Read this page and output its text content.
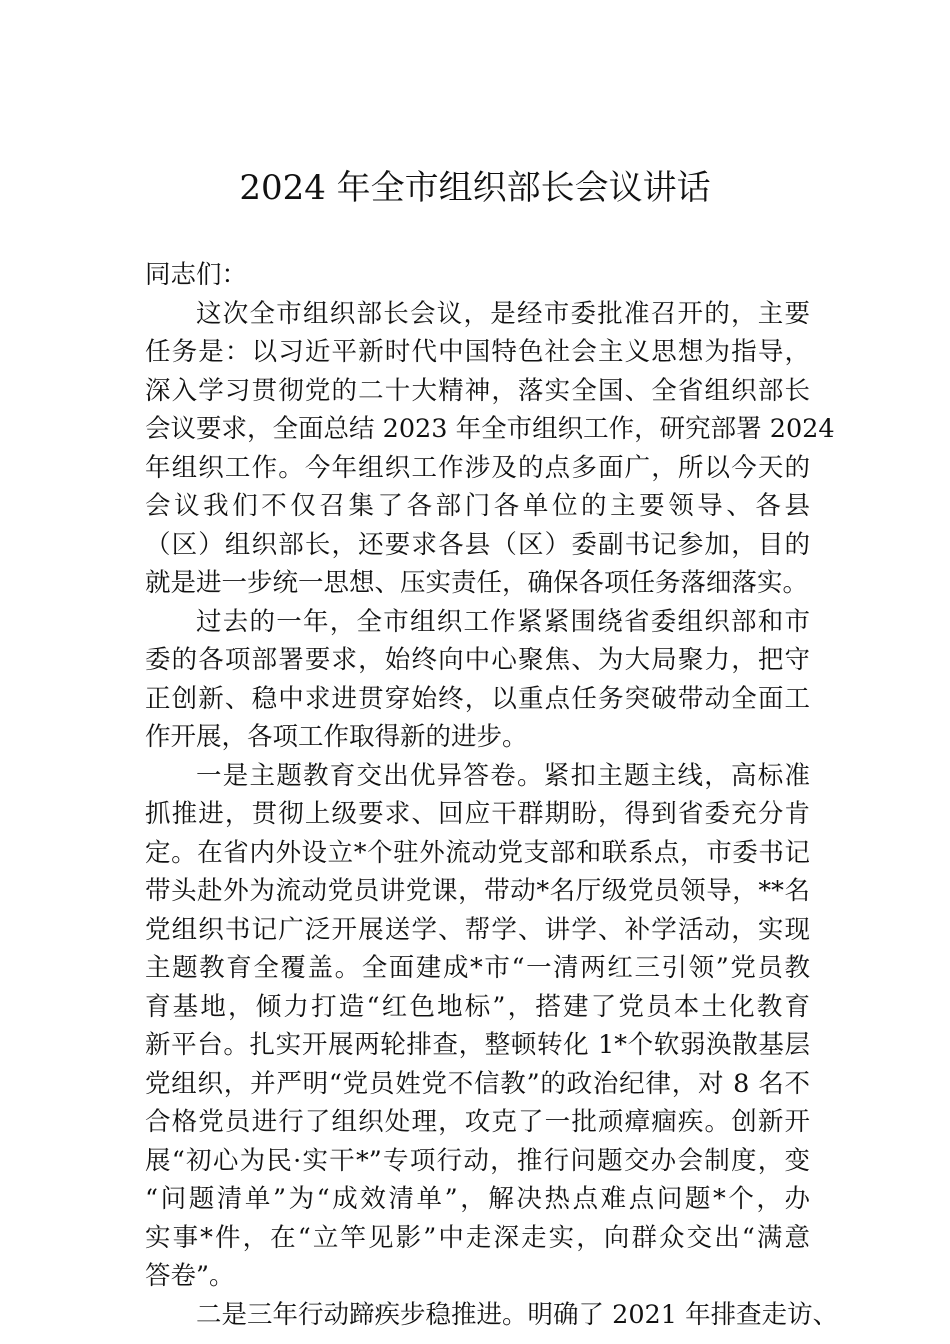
2024 年全市组织部长会议讲话
同志们：
这次全市组织部长会议，是经市委批准召开的，主要
任务是：以习近平新时代中国特色社会主义思想为指导，
深入学习贯彻党的二十大精神，落实全国、全省组织部长
会议要求，全面总结 2023 年全市组织工作，研究部署 2024
年组织工作。今年组织工作涉及的点多面广，所以今天的
会议我们不仅召集了各部门各单位的主要领导、各县
（区）组织部长，还要求各县（区）委副书记参加，目的
就是进一步统一思想、压实责任，确保各项任务落细落实。
过去的一年，全市组织工作紧紧围绕省委组织部和市
委的各项部署要求，始终向中心聚焦、为大局聚力，把守
正创新、稳中求进贯穿始终，以重点任务突破带动全面工
作开展，各项工作取得新的进步。
一是主题教育交出优异答卷。紧扣主题主线，高标准
抓推进，贯彻上级要求、回应干群期盼，得到省委充分肯
定。在省内外设立*个驻外流动党支部和联系点，市委书记
带头赴外为流动党员讲党课，带动*名厅级党员领导，**名
党组织书记广泛开展送学、帮学、讲学、补学活动，实现
主题教育全覆盖。全面建成*市“一清两红三引领”党员教
育基地，倾力打造“红色地标”，搭建了党员本土化教育
新平台。扎实开展两轮排查，整顿转化 1*个软弱涣散基层
党组织，并严明“党员姓党不信教”的政治纪律，对 8 名不
合格党员进行了组织处理，攻克了一批顽瘴痼疾。创新开
展“初心为民·实干*”专项行动，推行问题交办会制度，变
“问题清单”为“成效清单”，解决热点难点问题*个，办
实事*件，在“立竿见影”中走深走实，向群众交出“满意
答卷”。
二是三年行动蹄疾步稳推进。明确了 2021 年排查走访、
